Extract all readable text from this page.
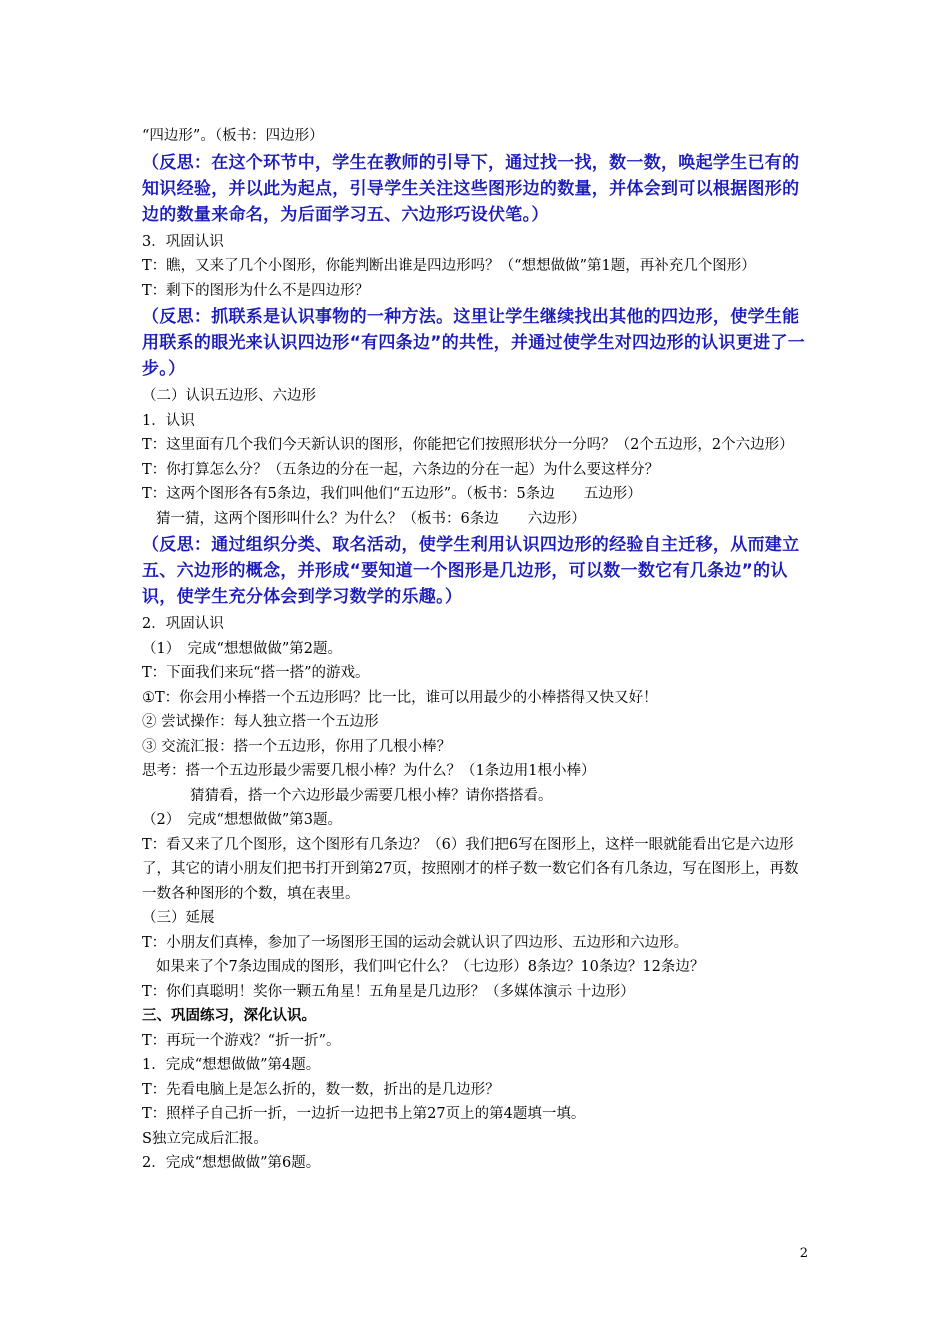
“四边形”。（板书：四边形）

（反思：在这个环节中，学生在教师的引导下，通过找一找，数一数，唤起学生已有的知识经验，并以此为起点，引导学生关注这些图形边的数量，并体会到可以根据图形的边的数量来命名，为后面学习五、六边形巧设伏笔。）

3．巩固认识

T：瞧，又来了几个小图形，你能判断出谁是四边形吗？（“想想做做”第1题，再补充几个图形）

T：剩下的图形为什么不是四边形？

（反思：抓联系是认识事物的一种方法。这里让学生继续找出其他的四边形，使学生能用联系的眼光来认识四边形“有四条边”的共性，并通过使学生对四边形的认识更进了一步。）

（二）认识五边形、六边形

1．认识

T：这里面有几个我们今天新认识的图形，你能把它们按照形状分一分吗？（2个五边形，2个六边形）

T：你打算怎么分？（五条边的分在一起，六条边的分在一起）为什么要这样分？

T：这两个图形各有5条边，我们叫他们“五边形”。（板书：5条边　　五边形）

猜一猜，这两个图形叫什么？为什么？（板书：6条边　　六边形）

（反思：通过组织分类、取名活动，使学生利用认识四边形的经验自主迁移，从而建立五、六边形的概念，并形成“要知道一个图形是几边形，可以数一数它有几条边”的认识，使学生充分体会到学习数学的乐趣。）

2．巩固认识

（1）　完成“想想做做”第2题。

T：下面我们来玩“搭一搭”的游戏。

①T：你会用小棒搭一个五边形吗？比一比，谁可以用最少的小棒搭得又快又好！

② 尝试操作：每人独立搭一个五边形

③ 交流汇报：搭一个五边形，你用了几根小棒？

思考：搭一个五边形最少需要几根小棒？为什么？（1条边用1根小棒）

猜猜看，搭一个六边形最少需要几根小棒？请你搭搭看。

（2）　完成“想想做做”第3题。

T：看又来了几个图形，这个图形有几条边？（6）我们把6写在图形上，这样一眼就能看出它是六边形了，其它的请小朋友们把书打开到第27页，按照刚才的样子数一数它们各有几条边，写在图形上，再数一数各种图形的个数，填在表里。

（三）延展

T：小朋友们真棒，参加了一场图形王国的运动会就认识了四边形、五边形和六边形。

如果来了个7条边围成的图形，我们叫它什么？（七边形）8条边？10条边？12条边？

T：你们真聪明！奖你一颗五角星！五角星是几边形？（多媒体演示 十边形）

三、巩固练习，深化认识。

T：再玩一个游戏？“折一折”。

1．完成“想想做做”第4题。

T：先看电脑上是怎么折的，数一数，折出的是几边形？

T：照样子自己折一折，一边折一边把书上第27页上的第4题填一填。

S独立完成后汇报。

2．完成“想想做做”第6题。

2
